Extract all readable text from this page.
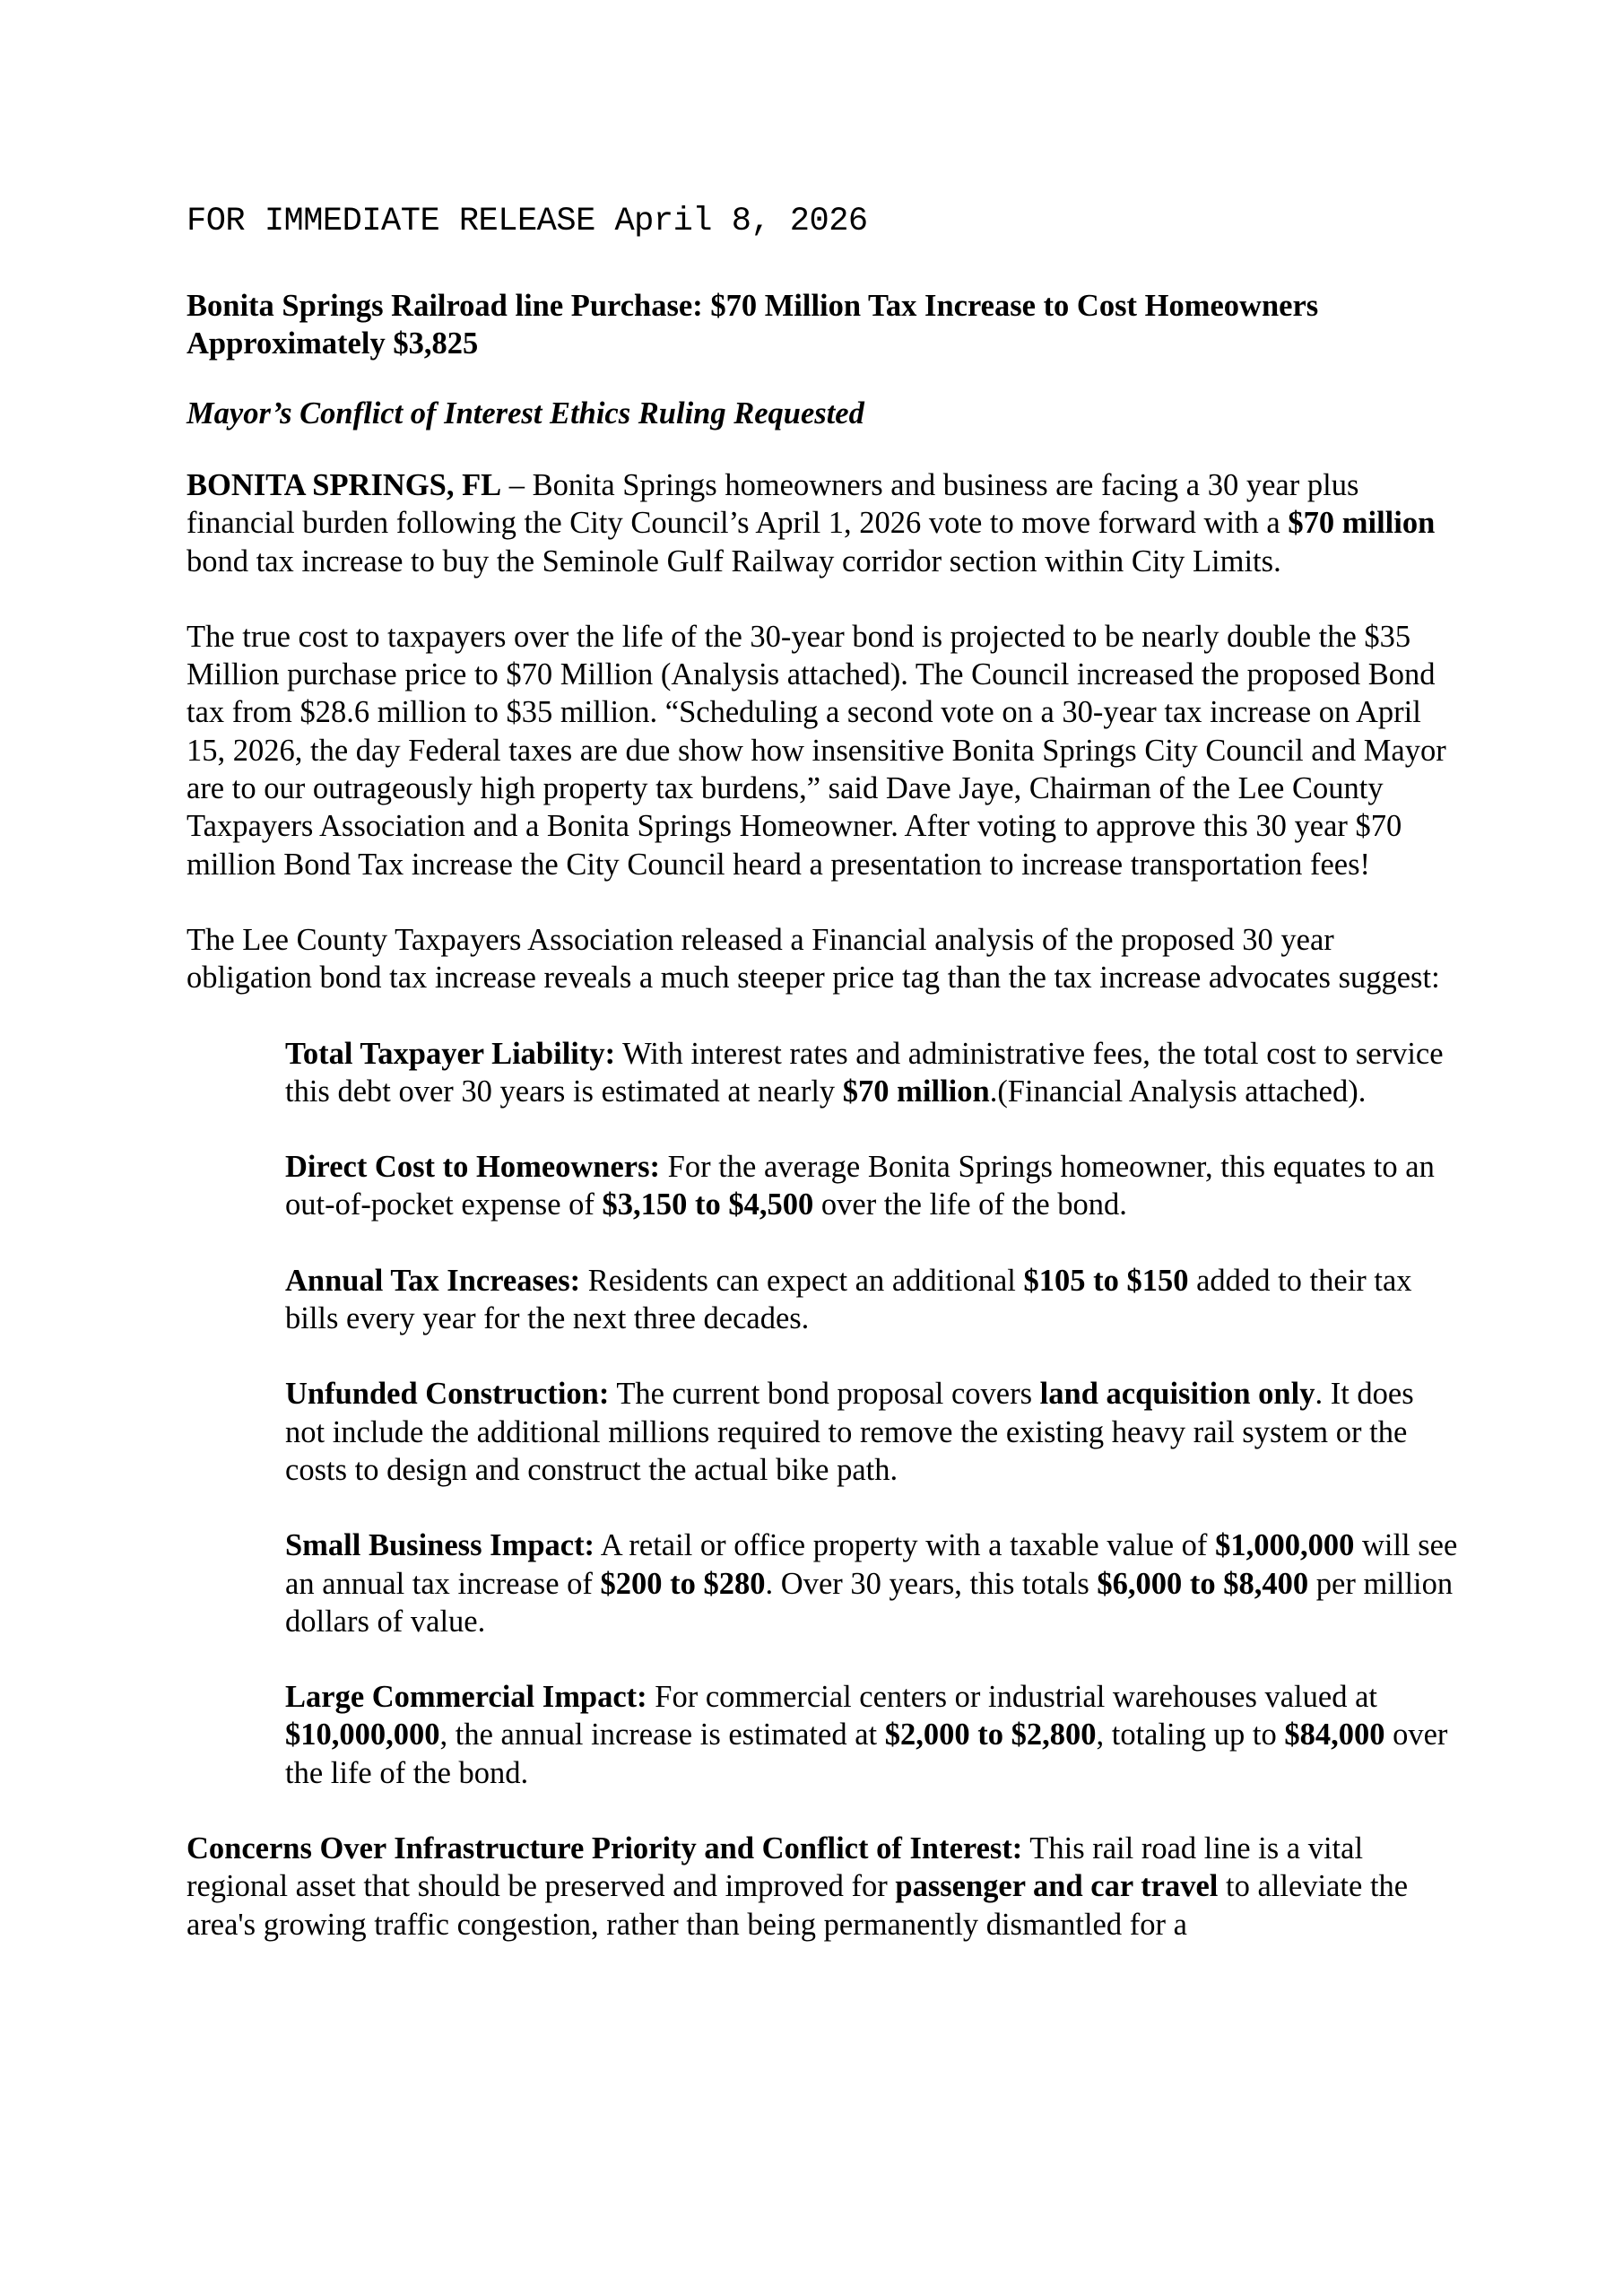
FOR IMMEDIATE RELEASE April 8, 2026
Bonita Springs Railroad line Purchase: $70 Million Tax Increase to Cost Homeowners Approximately $3,825
Mayor’s Conflict of Interest Ethics Ruling Requested

BONITA SPRINGS, FL – Bonita Springs homeowners and business are facing a 30 year plus financial burden following the City Council’s April 1, 2026 vote to move forward with a $70 million bond tax increase to buy the Seminole Gulf Railway corridor section within City Limits.

The true cost to taxpayers over the life of the 30-year bond is projected to be nearly double the $35 Million purchase price to $70 Million (Analysis attached). The Council increased the proposed Bond tax from $28.6 million to $35 million. “Scheduling a second vote on a 30-year tax increase on April 15, 2026, the day Federal taxes are due show how insensitive Bonita Springs City Council and Mayor are to our outrageously high property tax burdens,” said Dave Jaye, Chairman of the Lee County Taxpayers Association and a Bonita Springs Homeowner. After voting to approve this 30 year $70 million Bond Tax increase the City Council heard a presentation to increase transportation fees!

The Lee County Taxpayers Association released a Financial analysis of the proposed 30 year obligation bond tax increase reveals a much steeper price tag than the tax increase advocates suggest:

Total Taxpayer Liability: With interest rates and administrative fees, the total cost to service this debt over 30 years is estimated at nearly $70 million.(Financial Analysis attached).

Direct Cost to Homeowners: For the average Bonita Springs homeowner, this equates to an out-of-pocket expense of $3,150 to $4,500 over the life of the bond.

Annual Tax Increases: Residents can expect an additional $105 to $150 added to their tax bills every year for the next three decades.

Unfunded Construction: The current bond proposal covers land acquisition only. It does not include the additional millions required to remove the existing heavy rail system or the costs to design and construct the actual bike path.

Small Business Impact: A retail or office property with a taxable value of $1,000,000 will see an annual tax increase of $200 to $280. Over 30 years, this totals $6,000 to $8,400 per million dollars of value.

Large Commercial Impact: For commercial centers or industrial warehouses valued at $10,000,000, the annual increase is estimated at $2,000 to $2,800, totaling up to $84,000 over the life of the bond.

Concerns Over Infrastructure Priority and Conflict of Interest: This rail road line is a vital regional asset that should be preserved and improved for passenger and car travel to alleviate the area's growing traffic congestion, rather than being permanently dismantled for a
